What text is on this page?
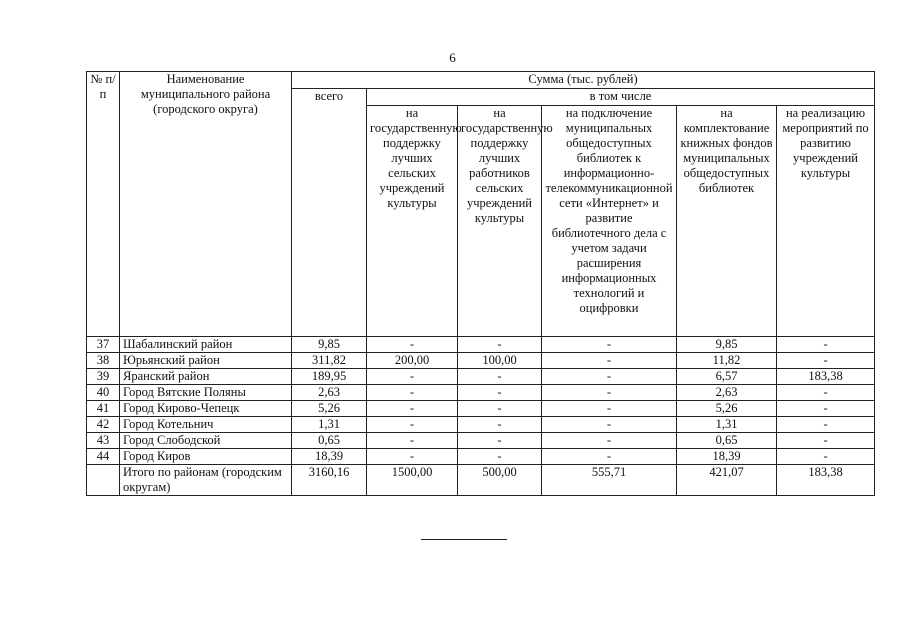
6
№ п/п	Наименование муниципального района (городского округа)	Сумма (тыс. рублей)					
		всего	в том числе				
			на государственную поддержку лучших сельских учреждений культуры	на государственную поддержку лучших работников сельских учреждений культуры	на подключение муниципальных общедоступных библиотек к информационно-телекоммуникационной сети «Интернет» и развитие библиотечного дела с учетом задачи расширения информационных технологий и оцифровки	на комплектование книжных фондов муниципальных общедоступных библиотек	на реализацию мероприятий по развитию учреждений культуры
37	Шабалинский район	9,85	-	-	-	9,85	-
38	Юрьянский район	311,82	200,00	100,00	-	11,82	-
39	Яранский район	189,95	-	-	-	6,57	183,38
40	Город Вятские Поляны	2,63	-	-	-	2,63	-
41	Город Кирово-Чепецк	5,26	-	-	-	5,26	-
42	Город Котельнич	1,31	-	-	-	1,31	-
43	Город Слободской	0,65	-	-	-	0,65	-
44	Город Киров	18,39	-	-	-	18,39	-
	Итого по районам (городским округам)	3160,16	1500,00	500,00	555,71	421,07	183,38
